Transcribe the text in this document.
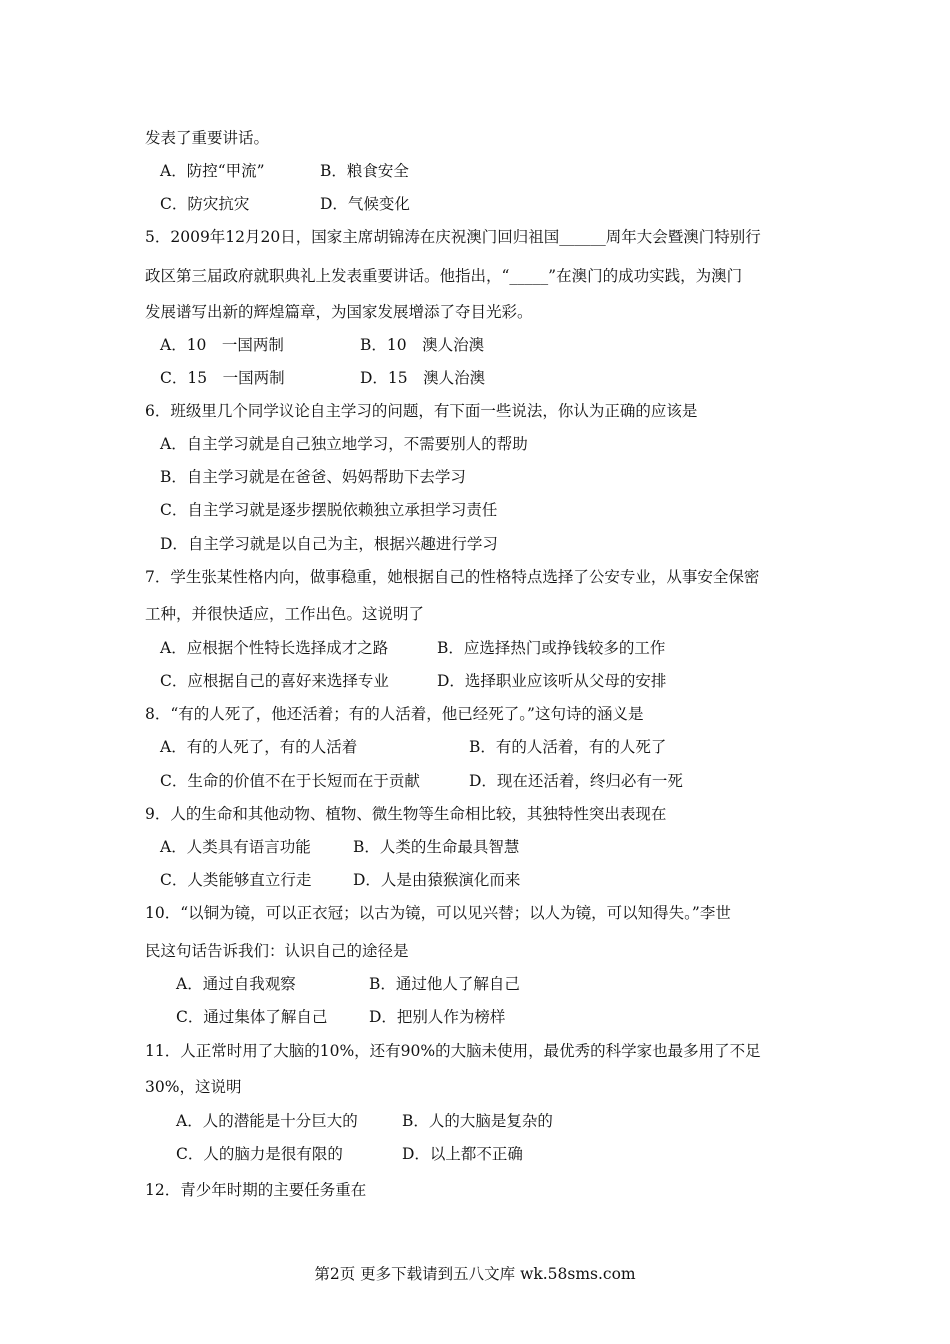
发表了重要讲话。
A．防控“甲流”	B．粮食安全
C．防灾抗灾	D．气候变化
5．2009年12月20日，国家主席胡锦涛在庆祝澳门回归祖国______周年大会暨澳门特别行
政区第三届政府就职典礼上发表重要讲话。他指出，“_____”在澳门的成功实践，为澳门
发展谱写出新的辉煌篇章，为国家发展增添了夺目光彩。
A．10　一国两制	B．10　澳人治澳
C．15　一国两制	D．15　澳人治澳
6．班级里几个同学议论自主学习的问题，有下面一些说法，你认为正确的应该是
A．自主学习就是自己独立地学习，不需要别人的帮助
B．自主学习就是在爸爸、妈妈帮助下去学习
C．自主学习就是逐步摆脱依赖独立承担学习责任
D．自主学习就是以自己为主，根据兴趣进行学习
7．学生张某性格内向，做事稳重，她根据自己的性格特点选择了公安专业，从事安全保密
工种，并很快适应，工作出色。这说明了
A．应根据个性特长选择成才之路	B．应选择热门或挣钱较多的工作
C．应根据自己的喜好来选择专业	D．选择职业应该听从父母的安排
8．“有的人死了，他还活着；有的人活着，他已经死了。”这句诗的涵义是
A．有的人死了，有的人活着	B．有的人活着，有的人死了
C．生命的价值不在于长短而在于贡献	D．现在还活着，终归必有一死
9．人的生命和其他动物、植物、微生物等生命相比较，其独特性突出表现在
A．人类具有语言功能	B．人类的生命最具智慧
C．人类能够直立行走	D．人是由猿猴演化而来
10．“以铜为镜，可以正衣冠；以古为镜，可以见兴替；以人为镜，可以知得失。”李世
民这句话告诉我们：认识自己的途径是
A．通过自我观察	B．通过他人了解自己
C．通过集体了解自己	D．把别人作为榜样
11．人正常时用了大脑的10%，还有90%的大脑未使用，最优秀的科学家也最多用了不足
30%，这说明
A．人的潜能是十分巨大的	B．人的大脑是复杂的
C．人的脑力是很有限的	D．以上都不正确
12．青少年时期的主要任务重在
第2页 更多下载请到五八文库 wk.58sms.com
